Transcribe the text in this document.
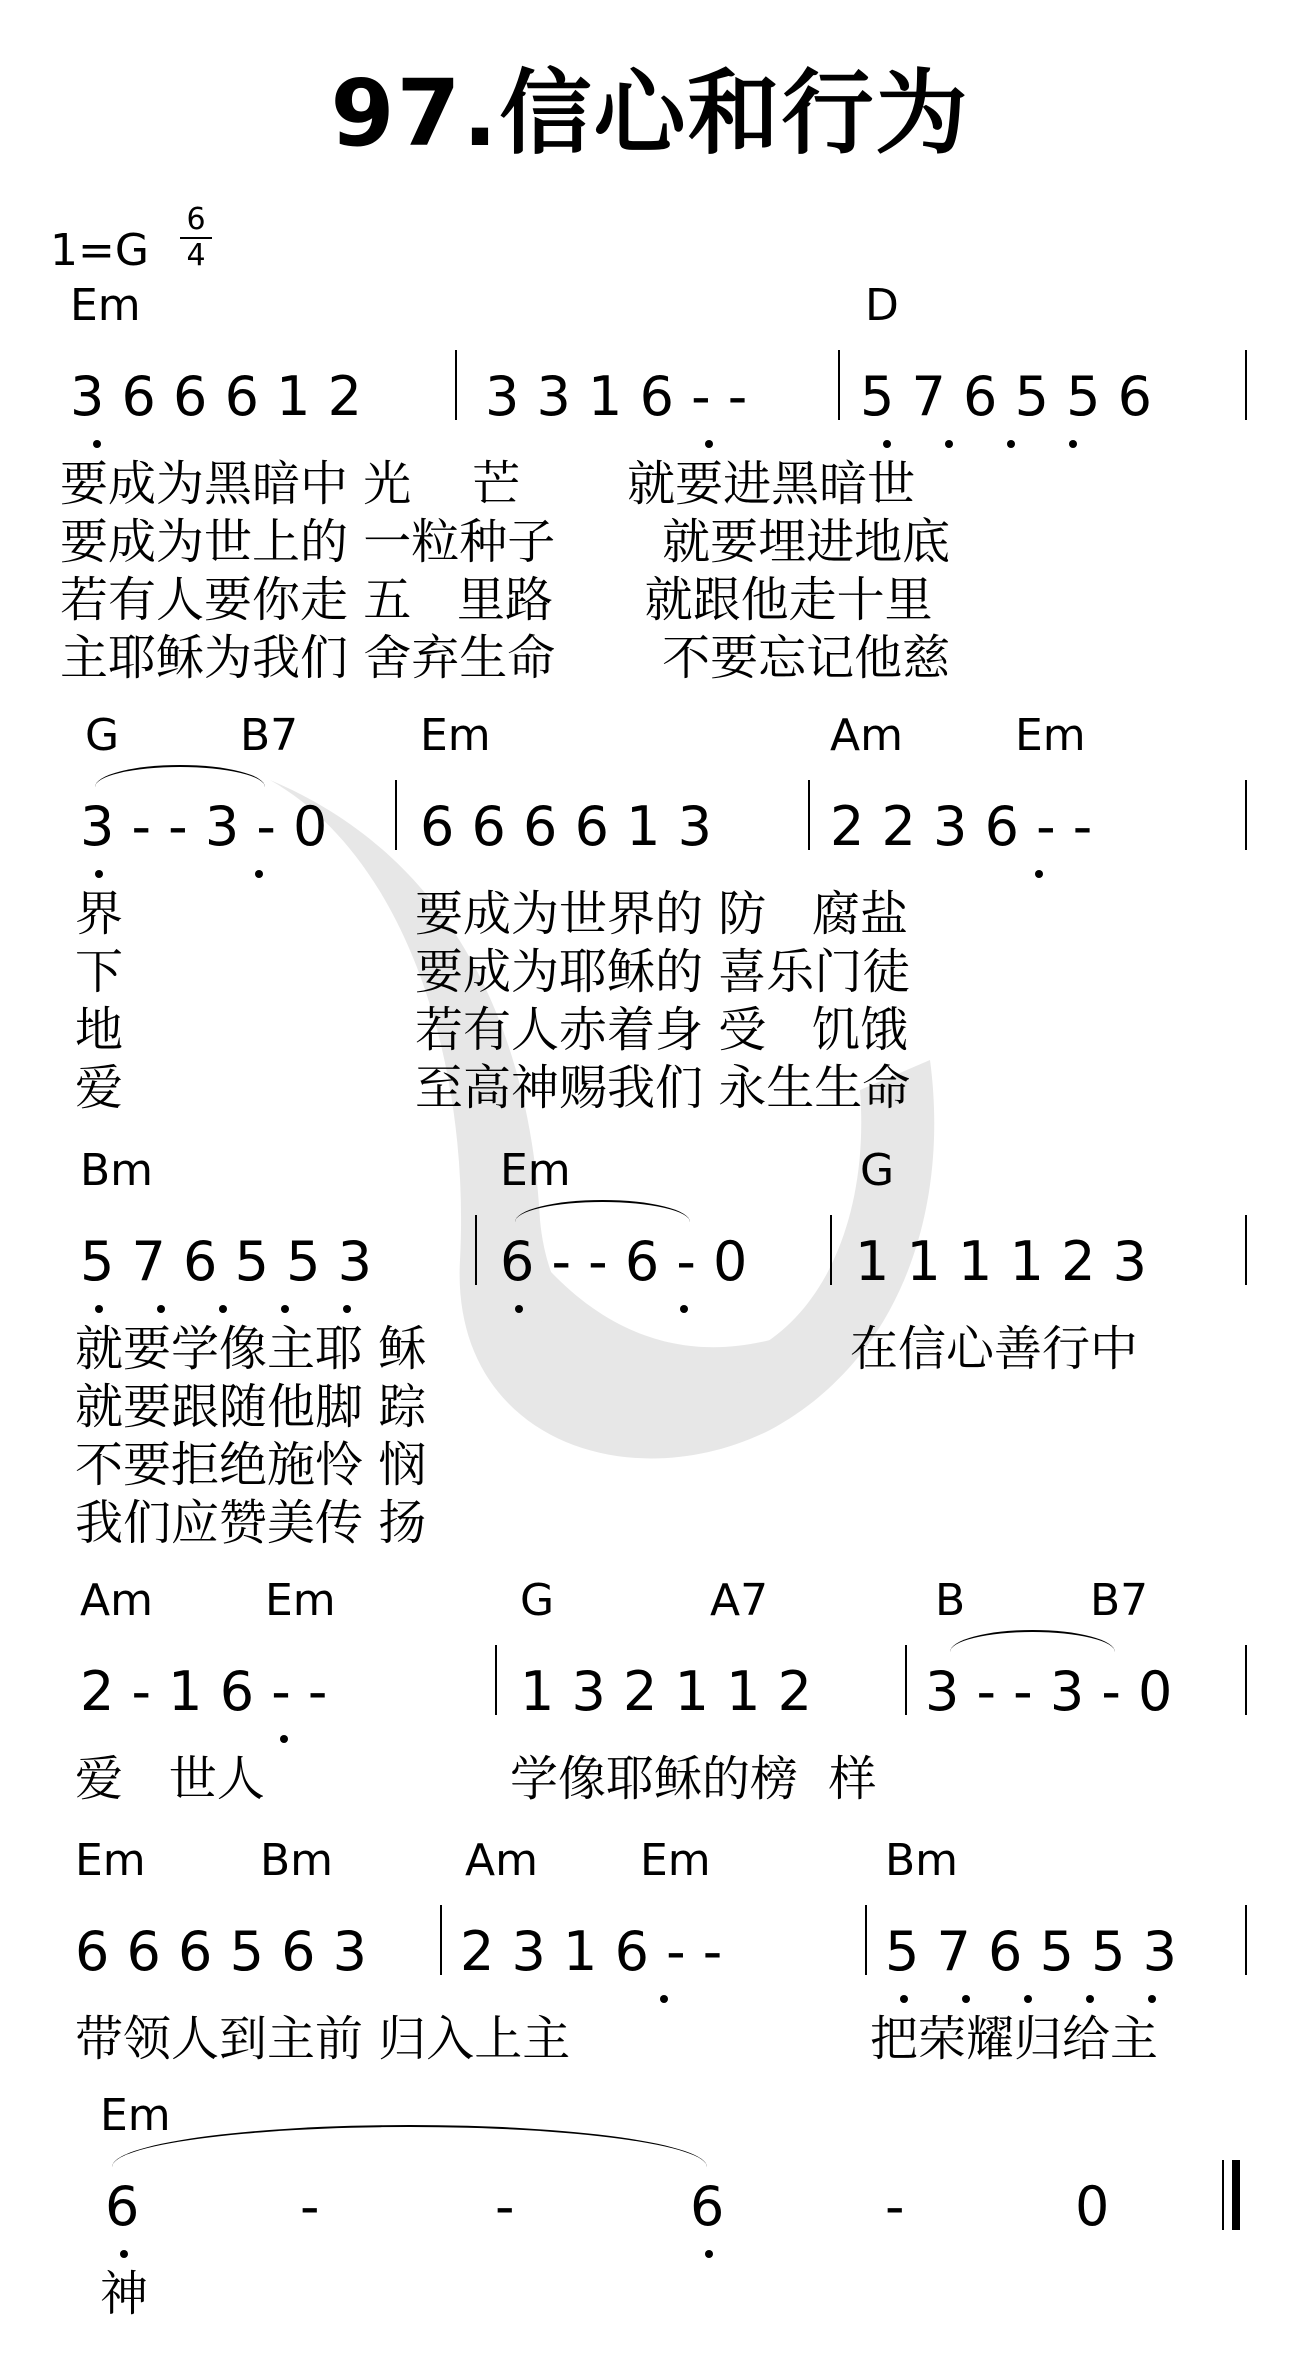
97.信心和行为
1=G
6
4
Em	D
3 6 6 6 1 2 3 3 1 6 - - 5 7 6 5 5 6
要成为黑暗中 光    芒       就要进黑暗世
要成为世上的 一粒种子       就要埋进地底
若有人要你走 五   里路      就跟他走十里
主耶稣为我们 舍弃生命       不要忘记他慈
G	B7	Em	Am	Em
3 - - 3 - 0 6 6 6 6 1 3 2 2 3 6 - -
界
下
地
爱
要成为世界的 防   腐盐
要成为耶稣的 喜乐门徒
若有人赤着身 受   饥饿
至高神赐我们 永生生命
Bm	Em	G
5 7 6 5 5 3 6 - - 6 - 0 1 1 1 1 2 3
就要学像主耶 稣
就要跟随他脚 踪
不要拒绝施怜 悯
我们应赞美传 扬
在信心善行中
Am	Em	G	A7	B	B7
2 - 1 6 - -	1 3 2 1 1 2 3 - - 3 - 0
爱   世人	学像耶稣的榜  样
Em	Bm	Am Em	Bm
6 6 6 5 6 3 2 3 1 6 - -	5 7 6 5 5 3
带领人到主前 归入上主	把荣耀归给主
Em
6	-	-	6	-	0
神
